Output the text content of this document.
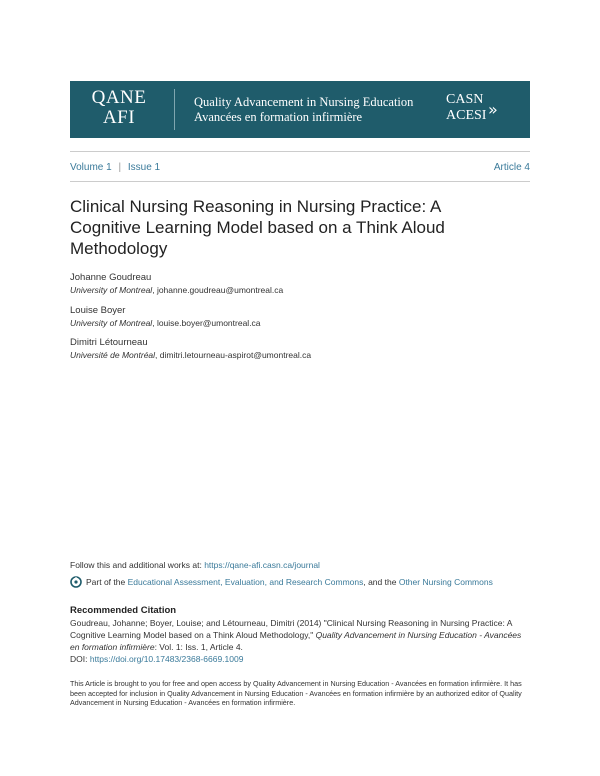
QANE
AFI
Quality Advancement in Nursing Education
Avancées en formation infirmière
CASN
ACESI »
Volume 1 | Issue 1	Article 4
Clinical Nursing Reasoning in Nursing Practice: A Cognitive Learning Model based on a Think Aloud Methodology
Johanne Goudreau
University of Montreal, johanne.goudreau@umontreal.ca
Louise Boyer
University of Montreal, louise.boyer@umontreal.ca
Dimitri Létourneau
Université de Montréal, dimitri.letourneau-aspirot@umontreal.ca
Follow this and additional works at: https://qane-afi.casn.ca/journal
Part of the
Educational Assessment, Evaluation, and Research Commons , and the
Other Nursing Commons
Recommended Citation
Goudreau, Johanne; Boyer, Louise; and Létourneau, Dimitri (2014) "Clinical Nursing Reasoning in Nursing Practice: A Cognitive Learning Model based on a Think Aloud Methodology," Quality Advancement in Nursing Education - Avancées en formation infirmière: Vol. 1: Iss. 1, Article 4.
DOI: https://doi.org/10.17483/2368-6669.1009
This Article is brought to you for free and open access by Quality Advancement in Nursing Education - Avancées en formation infirmière. It has been accepted for inclusion in Quality Advancement in Nursing Education - Avancées en formation infirmière by an authorized editor of Quality Advancement in Nursing Education - Avancées en formation infirmière.
